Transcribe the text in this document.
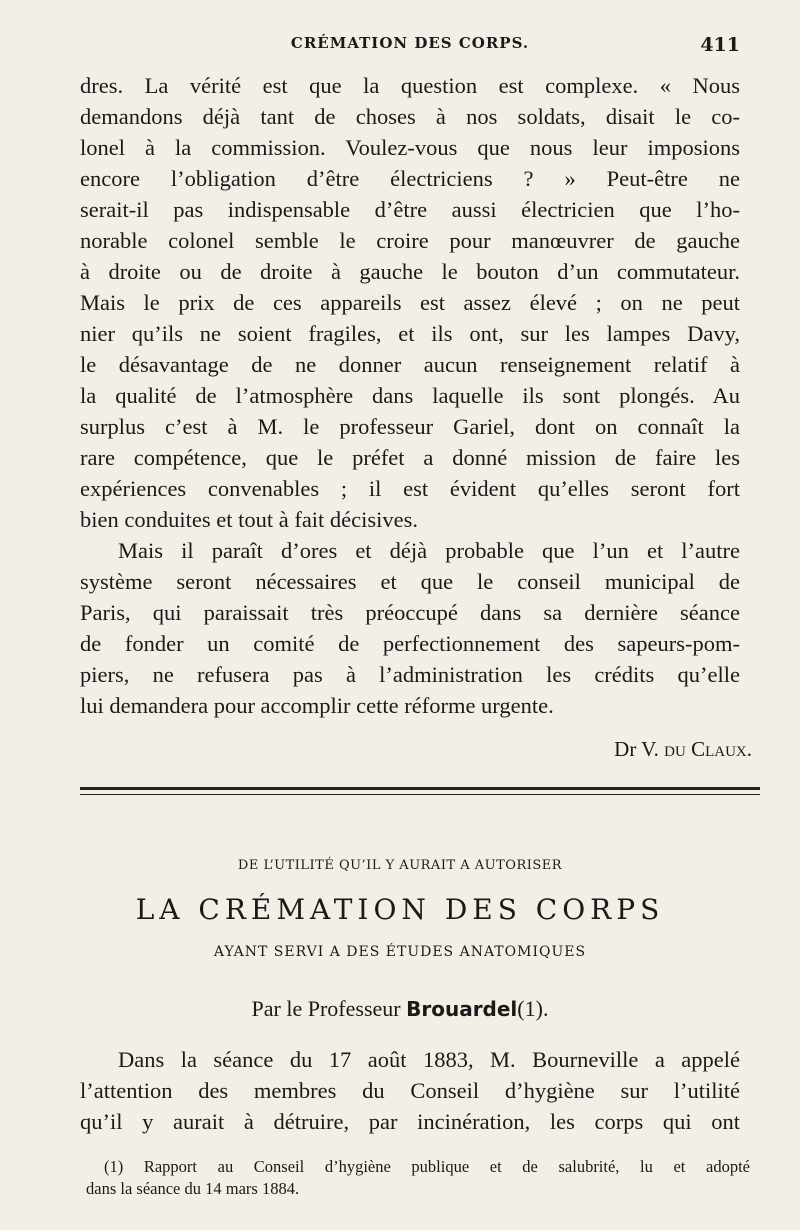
CRÉMATION DES CORPS.	411
dres. La vérité est que la question est complexe. « Nous
demandons déjà tant de choses à nos soldats, disait le co-
lonel à la commission. Voulez-vous que nous leur imposions
encore l’obligation d’être électriciens ? » Peut-être ne
serait-il pas indispensable d’être aussi électricien que l’ho-
norable colonel semble le croire pour manœuvrer de gauche
à droite ou de droite à gauche le bouton d’un commutateur.
Mais le prix de ces appareils est assez élevé ; on ne peut
nier qu’ils ne soient fragiles, et ils ont, sur les lampes Davy,
le désavantage de ne donner aucun renseignement relatif à
la qualité de l’atmosphère dans laquelle ils sont plongés. Au
surplus c’est à M. le professeur Gariel, dont on connaît la
rare compétence, que le préfet a donné mission de faire les
expériences convenables ; il est évident qu’elles seront fort
bien conduites et tout à fait décisives.
Mais il paraît d’ores et déjà probable que l’un et l’autre
système seront nécessaires et que le conseil municipal de
Paris, qui paraissait très préoccupé dans sa dernière séance
de fonder un comité de perfectionnement des sapeurs-pom-
piers, ne refusera pas à l’administration les crédits qu’elle
lui demandera pour accomplir cette réforme urgente.
Dr V. du Claux.
DE L’UTILITÉ QU’IL Y AURAIT A AUTORISER
LA CRÉMATION DES CORPS
AYANT SERVI A DES ÉTUDES ANATOMIQUES
Par le Professeur Brouardel(1).
Dans la séance du 17 août 1883, M. Bourneville a appelé
l’attention des membres du Conseil d’hygiène sur l’utilité
qu’il y aurait à détruire, par incinération, les corps qui ont
(1) Rapport au Conseil d’hygiène publique et de salubrité, lu et adopté
dans la séance du 14 mars 1884.
